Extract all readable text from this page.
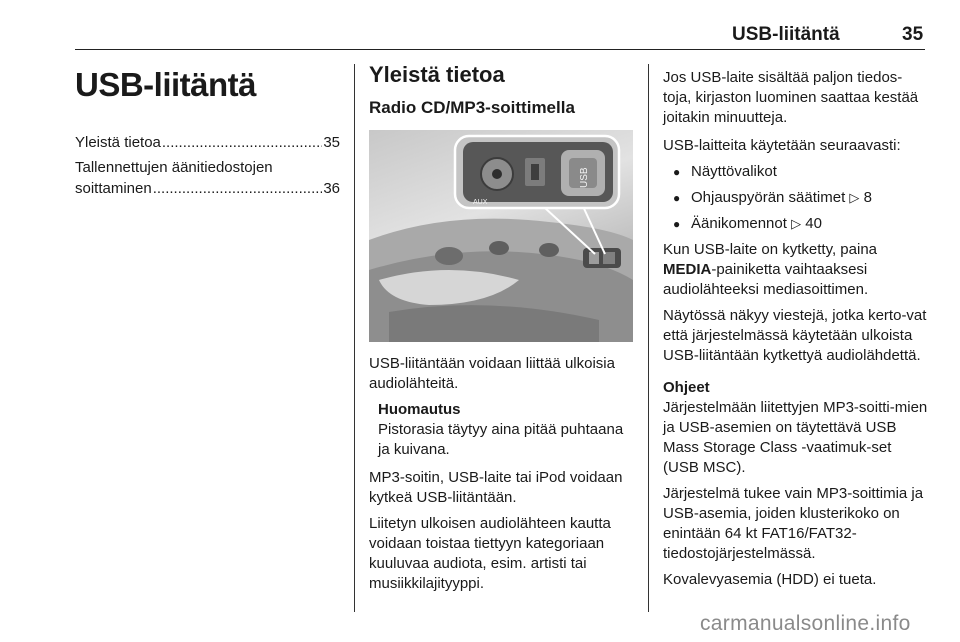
USB-liitäntä	35
USB-liitäntä
Yleistä tietoa .....	35
Tallennettujen äänitiedostojen
soittaminen .....	36
Yleistä tietoa
Radio CD/MP3-soittimella
AUX
USB

USB-liitäntään voidaan liittää ulkoisia audiolähteitä.

Huomautus

Pistorasia täytyy aina pitää puhtaana ja kuivana.

MP3-soitin, USB-laite tai iPod voidaan kytkeä USB-liitäntään.

Liitetyn ulkoisen audiolähteen kautta voidaan toistaa tiettyyn kategoriaan kuuluvaa audiota, esim. artisti tai musiikkilajityyppi.

Jos USB-laite sisältää paljon tiedos-toja, kirjaston luominen saattaa kestää joitakin minuutteja.

USB-laitteita käytetään seuraavasti:

● Näyttövalikot
● Ohjauspyörän säätimet ▷ 8
● Äänikomennot ▷ 40

Kun USB-laite on kytketty, paina
MEDIA-painiketta vaihtaaksesi audiolähteeksi mediasoittimen.

Näytössä näkyy viestejä, jotka kerto-vat että järjestelmässä käytetään ulkoista USB-liitäntään kytkettyä audiolähdettä.

Ohjeet

Järjestelmään liitettyjen MP3-soitti-mien ja USB-asemien on täytettävä USB Mass Storage Class -vaatimuk-set (USB MSC).

Järjestelmä tukee vain MP3-soittimia ja USB-asemia, joiden klusterikoko on enintään 64 kt FAT16/FAT32-tiedostojärjestelmässä.

Kovalevyasemia (HDD) ei tueta.

carmanualsonline.info
